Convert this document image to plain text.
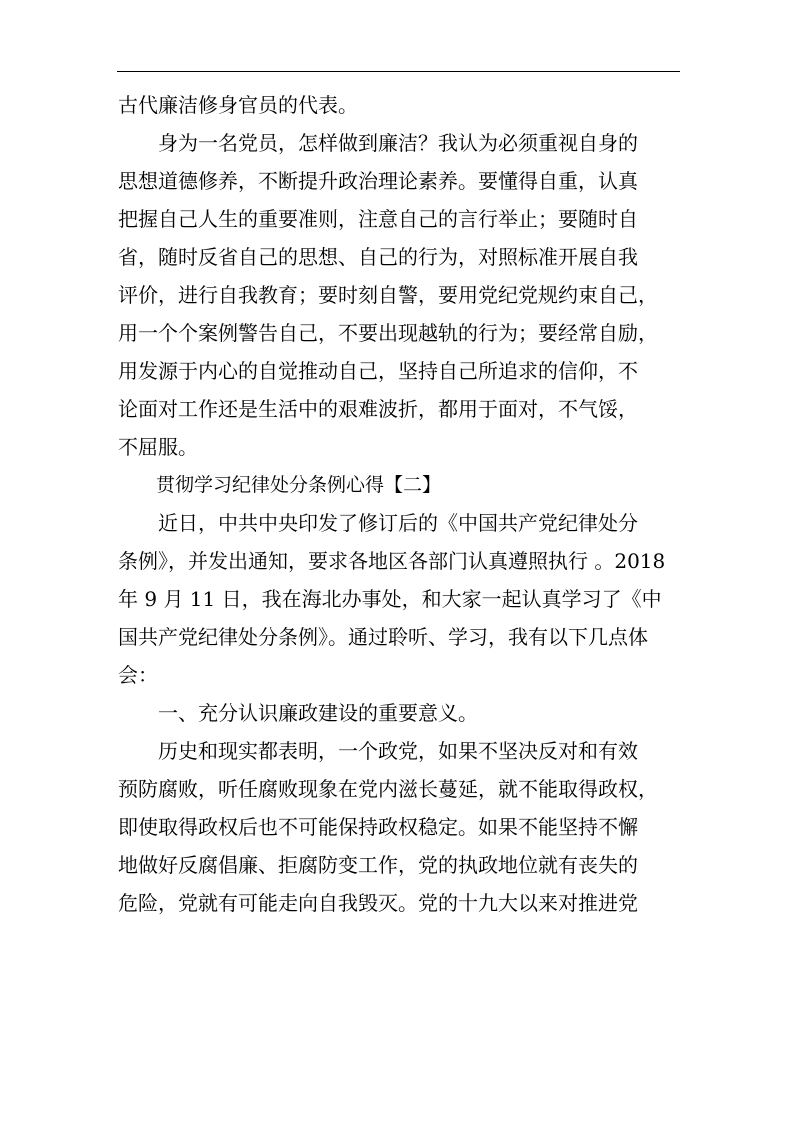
古代廉洁修身官员的代表。
　　身为一名党员，怎样做到廉洁？我认为必须重视自身的
思想道德修养，不断提升政治理论素养。要懂得自重，认真
把握自己人生的重要准则，注意自己的言行举止；要随时自
省，随时反省自己的思想、自己的行为，对照标准开展自我
评价，进行自我教育；要时刻自警，要用党纪党规约束自己，
用一个个案例警告自己，不要出现越轨的行为；要经常自励，
用发源于内心的自觉推动自己，坚持自己所追求的信仰，不
论面对工作还是生活中的艰难波折，都用于面对，不气馁，
不屈服。
　　贯彻学习纪律处分条例心得【二】
　　近日，中共中央印发了修订后的《中国共产党纪律处分
条例》，并发出通知，要求各地区各部门认真遵照执行 。2018
年 9 月 11 日，我在海北办事处，和大家一起认真学习了《中
国共产党纪律处分条例》。通过聆听、学习，我有以下几点体
会：
　　一、充分认识廉政建设的重要意义。
　　历史和现实都表明，一个政党，如果不坚决反对和有效
预防腐败，听任腐败现象在党内滋长蔓延，就不能取得政权，
即使取得政权后也不可能保持政权稳定。如果不能坚持不懈
地做好反腐倡廉、拒腐防变工作，党的执政地位就有丧失的
危险，党就有可能走向自我毁灭。党的十九大以来对推进党
